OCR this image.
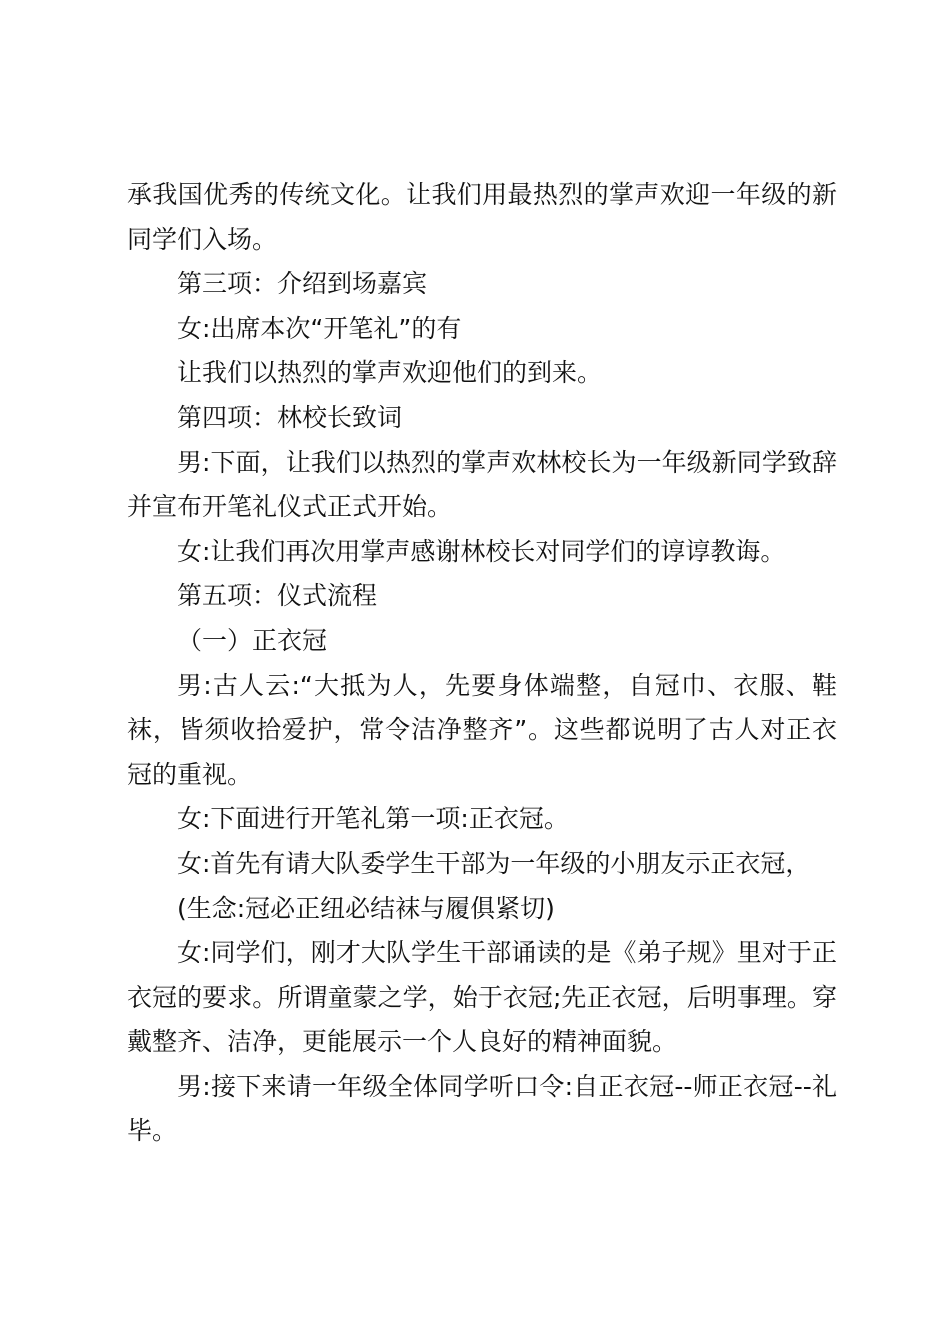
承我国优秀的传统文化。让我们用最热烈的掌声欢迎一年级的新同学们入场。

第三项：介绍到场嘉宾

女:出席本次“开笔礼”的有

让我们以热烈的掌声欢迎他们的到来。

第四项：林校长致词

男:下面，让我们以热烈的掌声欢林校长为一年级新同学致辞并宣布开笔礼仪式正式开始。

女:让我们再次用掌声感谢林校长对同学们的谆谆教诲。

第五项：仪式流程

（一）正衣冠

男:古人云:“大抵为人，先要身体端整，自冠巾、衣服、鞋袜，皆须收拾爱护，常令洁净整齐”。这些都说明了古人对正衣冠的重视。

女:下面进行开笔礼第一项:正衣冠。

女:首先有请大队委学生干部为一年级的小朋友示正衣冠，

(生念:冠必正纽必结袜与履俱紧切)

女:同学们，刚才大队学生干部诵读的是《弟子规》里对于正衣冠的要求。所谓童蒙之学，始于衣冠;先正衣冠，后明事理。穿戴整齐、洁净，更能展示一个人良好的精神面貌。

男:接下来请一年级全体同学听口令:自正衣冠--师正衣冠--礼毕。
